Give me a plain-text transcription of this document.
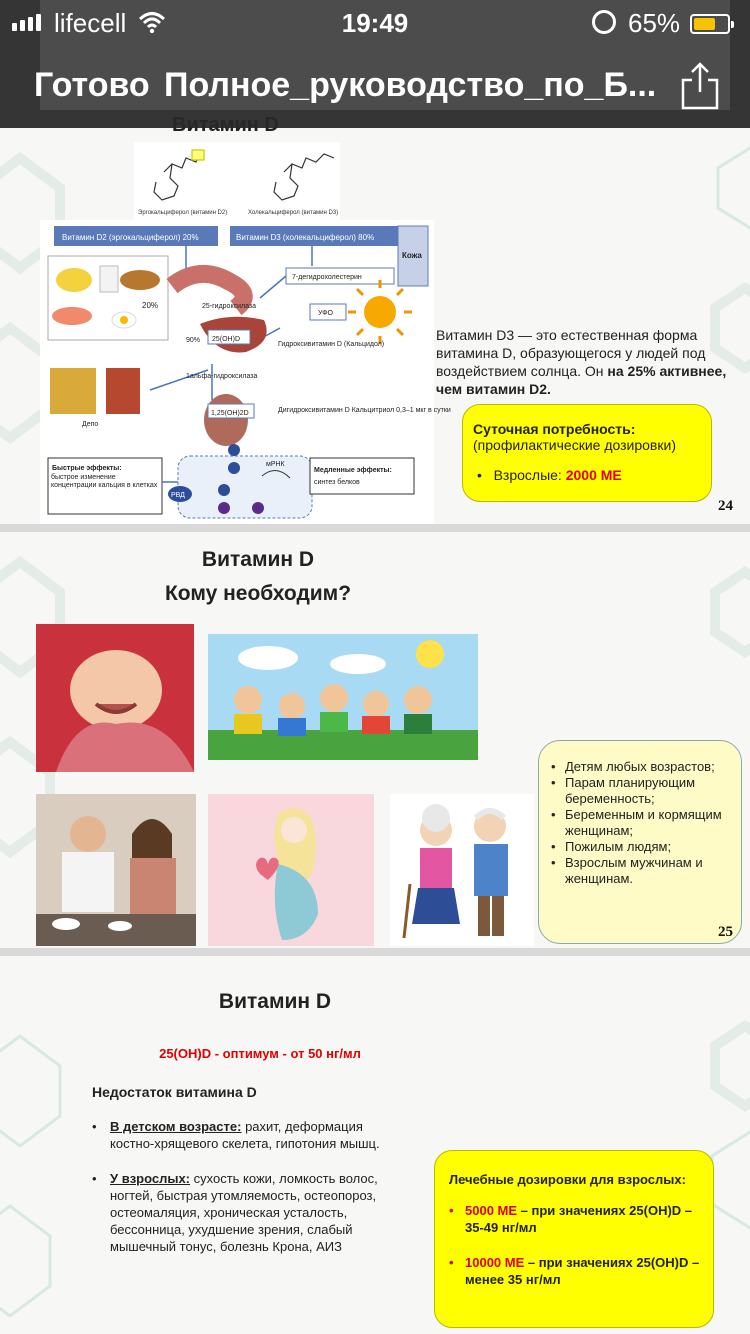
lifecell	19:49	65%
Готово Полное_руководство_по_Б...
Эргокальциферол (витамин D2)	Холекальциферол (витамин D3)
Витамин D2 (эргокальциферол) 20%	Витамин D3 (холекальциферол) 80%
Кожа
7-дегидрохолестерин
УФО
20%	25-гидроксилаза
25(OH)D
90%
Гидроксивитамин D (Кальцидол)
1альфа-гидроксилаза
Депо
1,25(OH)2D	Дигидроксивитамин D Кальцитриол 0,3–1 мкг в сутки
РВД
мРНК
Быстрые эффекты:
быстрое изменение концентрации кальция в клетках
Медленные эффекты:
синтез белков
Витамин D3 — это естественная форма витамина D, образующегося у людей под воздействием солнца. Он на 25% активнее, чем витамин D2.
Суточная потребность:
(профилактические дозировки)
•   Взрослые: 2000 МЕ
24
Витамин D
Кому необходим?
• Детям любых возрастов;
• Парам планирующим беременность;
• Беременным и кормящим женщинам;
• Пожилым людям;
• Взрослым мужчинам и женщинам.
25
Витамин D
25(OH)D - оптимум - от 50 нг/мл
Недостаток витамина D
• В детском возрасте: рахит, деформация костно-хрящевого скелета, гипотония мышц.
• У взрослых: сухость кожи, ломкость волос, ногтей, быстрая утомляемость, остеопороз, остеомаляция, хроническая усталость, бессонница, ухудшение зрения, слабый мышечный тонус, болезнь Крона, АИЗ
Лечебные дозировки для взрослых:
• 5000 МЕ – при значениях 25(OH)D – 35-49 нг/мл
• 10000 МЕ – при значениях 25(OH)D – менее 35 нг/мл
